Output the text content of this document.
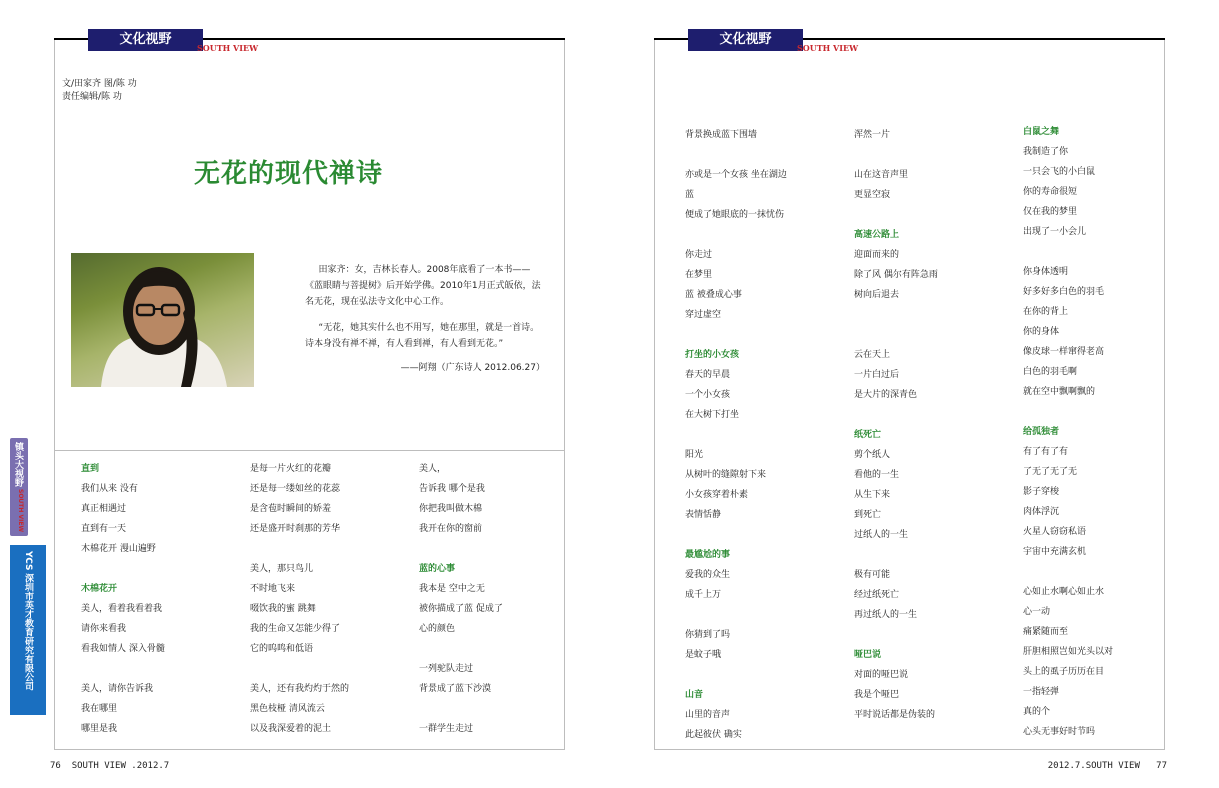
文化视野
SOUTH VIEW
文/田家齐 图/陈 功
责任编辑/陈 功
无花的现代禅诗
田家齐：女，吉林长春人。2008年底看了一本书——《蓝眼睛与菩提树》后开始学佛。2010年1月正式皈依，法名无花，现在弘法寺文化中心工作。
“无花，她其实什么也不用写，她在那里，就是一首诗。诗本身没有禅不禅，有人看到禅，有人看到无花。”
——阿翔（广东诗人 2012.06.27）
直到
我们从来 没有
真正相遇过
直到有一天
木棉花开 漫山遍野
木棉花开
美人，看着我看着我
请你来看我
看我如情人 深入骨髓
美人，请你告诉我
我在哪里
哪里是我
是每一片火红的花瓣
还是每一缕如丝的花蕊
是含苞时瞬间的娇羞
还是盛开时刹那的芳华
美人，那只鸟儿
不时地飞来
啜饮我的蜜 跳舞
我的生命又怎能少得了
它的呜鸣和低语
美人，还有我灼灼于然的
黑色枝桠 清风流云
以及我深爱着的泥土
美人，
告诉我 哪个是我
你把我叫做木棉
我开在你的窗前
蓝的心事
我本是 空中之无
被你描成了蓝 促成了
心的颜色
一列驼队走过
背景成了蓝下沙漠
一群学生走过
镇头大视野
SOUTH VIEW
YCS 深圳市英才教育研究有限公司
76 SOUTH VIEW .2012.7
文化视野
SOUTH VIEW
背景换成蓝下围墙
亦或是一个女孩 坐在湖边
蓝
便成了她眼底的一抹忧伤
你走过
在梦里
蓝 被叠成心事
穿过虚空
打坐的小女孩
春天的早晨
一个小女孩
在大树下打坐
阳光
从树叶的缝隙射下来
小女孩穿着朴素
表情恬静
最尴尬的事
爱我的众生
成千上万
你猜到了吗
是蚊子哦
山音
山里的音声
此起彼伏 确实
浑然一片
山在这音声里
更显空寂
高速公路上
迎面而来的
除了风 偶尔有阵急雨
树向后退去
云在天上
一片白过后
是大片的深青色
纸死亡
剪个纸人
看他的一生
从生下来
到死亡
过纸人的一生
极有可能
经过纸死亡
再过纸人的一生
哑巴说
对面的哑巴说
我是个哑巴
平时说话都是伪装的
白鼠之舞
我制造了你
一只会飞的小白鼠
你的寿命很短
仅在我的梦里
出现了一小会儿
你身体透明
好多好多白色的羽毛
在你的背上
你的身体
像皮球一样窜得老高
白色的羽毛啊
就在空中飘啊飘的
给孤独者
有了有了有
了无了无了无
影子穿梭
肉体浮沉
火星人窃窃私语
宇宙中充满玄机
心如止水啊心如止水
心一动
痛紧随而至
肝胆相照岂如光头以对
头上的虱子历历在目
一指轻弹
真的个
心头无事好时节吗
2012.7.SOUTH VIEW 77
